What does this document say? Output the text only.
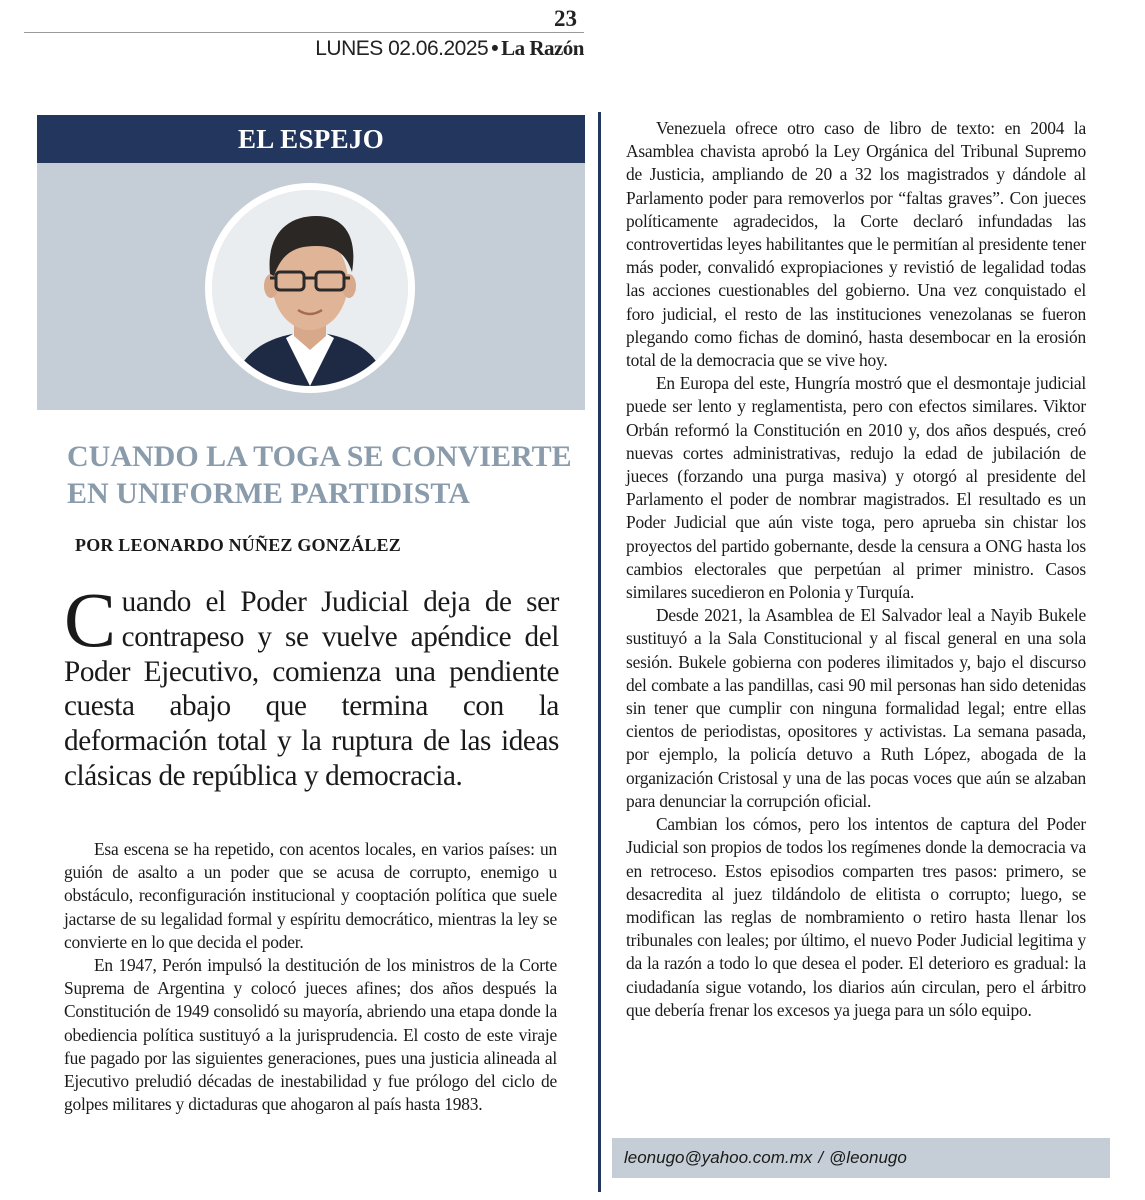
23
LUNES 02.06.2025 • La Razón
EL ESPEJO
CUANDO LA TOGA SE CONVIERTE EN UNIFORME PARTIDISTA
POR LEONARDO NÚÑEZ GONZÁLEZ
Cuando el Poder Judicial deja de ser contrapeso y se vuelve apéndice del Poder Ejecutivo, comienza una pendiente cuesta abajo que termina con la deformación total y la ruptura de las ideas clásicas de república y democracia.

Esa escena se ha repetido, con acentos locales, en varios países: un guión de asalto a un poder que se acusa de corrupto, enemigo u obstáculo, reconfiguración institucional y cooptación política que suele jactarse de su legalidad formal y espíritu democrático, mientras la ley se convierte en lo que decida el poder.

En 1947, Perón impulsó la destitución de los ministros de la Corte Suprema de Argentina y colocó jueces afines; dos años después la Constitución de 1949 consolidó su mayoría, abriendo una etapa donde la obediencia política sustituyó a la jurisprudencia. El costo de este viraje fue pagado por las siguientes generaciones, pues una justicia alineada al Ejecutivo preludió décadas de inestabilidad y fue prólogo del ciclo de golpes militares y dictaduras que ahogaron al país hasta 1983.

Venezuela ofrece otro caso de libro de texto: en 2004 la Asamblea chavista aprobó la Ley Orgánica del Tribunal Supremo de Justicia, ampliando de 20 a 32 los magistrados y dándole al Parlamento poder para removerlos por “faltas graves”. Con jueces políticamente agradecidos, la Corte declaró infundadas las controvertidas leyes habilitantes que le permitían al presidente tener más poder, convalidó expropiaciones y revistió de legalidad todas las acciones cuestionables del gobierno. Una vez conquistado el foro judicial, el resto de las instituciones venezolanas se fueron plegando como fichas de dominó, hasta desembocar en la erosión total de la democracia que se vive hoy.

En Europa del este, Hungría mostró que el desmontaje judicial puede ser lento y reglamentista, pero con efectos similares. Viktor Orbán reformó la Constitución en 2010 y, dos años después, creó nuevas cortes administrativas, redujo la edad de jubilación de jueces (forzando una purga masiva) y otorgó al presidente del Parlamento el poder de nombrar magistrados. El resultado es un Poder Judicial que aún viste toga, pero aprueba sin chistar los proyectos del partido gobernante, desde la censura a ONG hasta los cambios electorales que perpetúan al primer ministro. Casos similares sucedieron en Polonia y Turquía.

Desde 2021, la Asamblea de El Salvador leal a Nayib Bukele sustituyó a la Sala Constitucional y al fiscal general en una sola sesión. Bukele gobierna con poderes ilimitados y, bajo el discurso del combate a las pandillas, casi 90 mil personas han sido detenidas sin tener que cumplir con ninguna formalidad legal; entre ellas cientos de periodistas, opositores y activistas. La semana pasada, por ejemplo, la policía detuvo a Ruth López, abogada de la organización Cristosal y una de las pocas voces que aún se alzaban para denunciar la corrupción oficial.

Cambian los cómos, pero los intentos de captura del Poder Judicial son propios de todos los regímenes donde la democracia va en retroceso. Estos episodios comparten tres pasos: primero, se desacredita al juez tildándolo de elitista o corrupto; luego, se modifican las reglas de nombramiento o retiro hasta llenar los tribunales con leales; por último, el nuevo Poder Judicial legitima y da la razón a todo lo que desea el poder. El deterioro es gradual: la ciudadanía sigue votando, los diarios aún circulan, pero el árbitro que debería frenar los excesos ya juega para un sólo equipo.

leonugo@yahoo.com.mx / @leonugo
